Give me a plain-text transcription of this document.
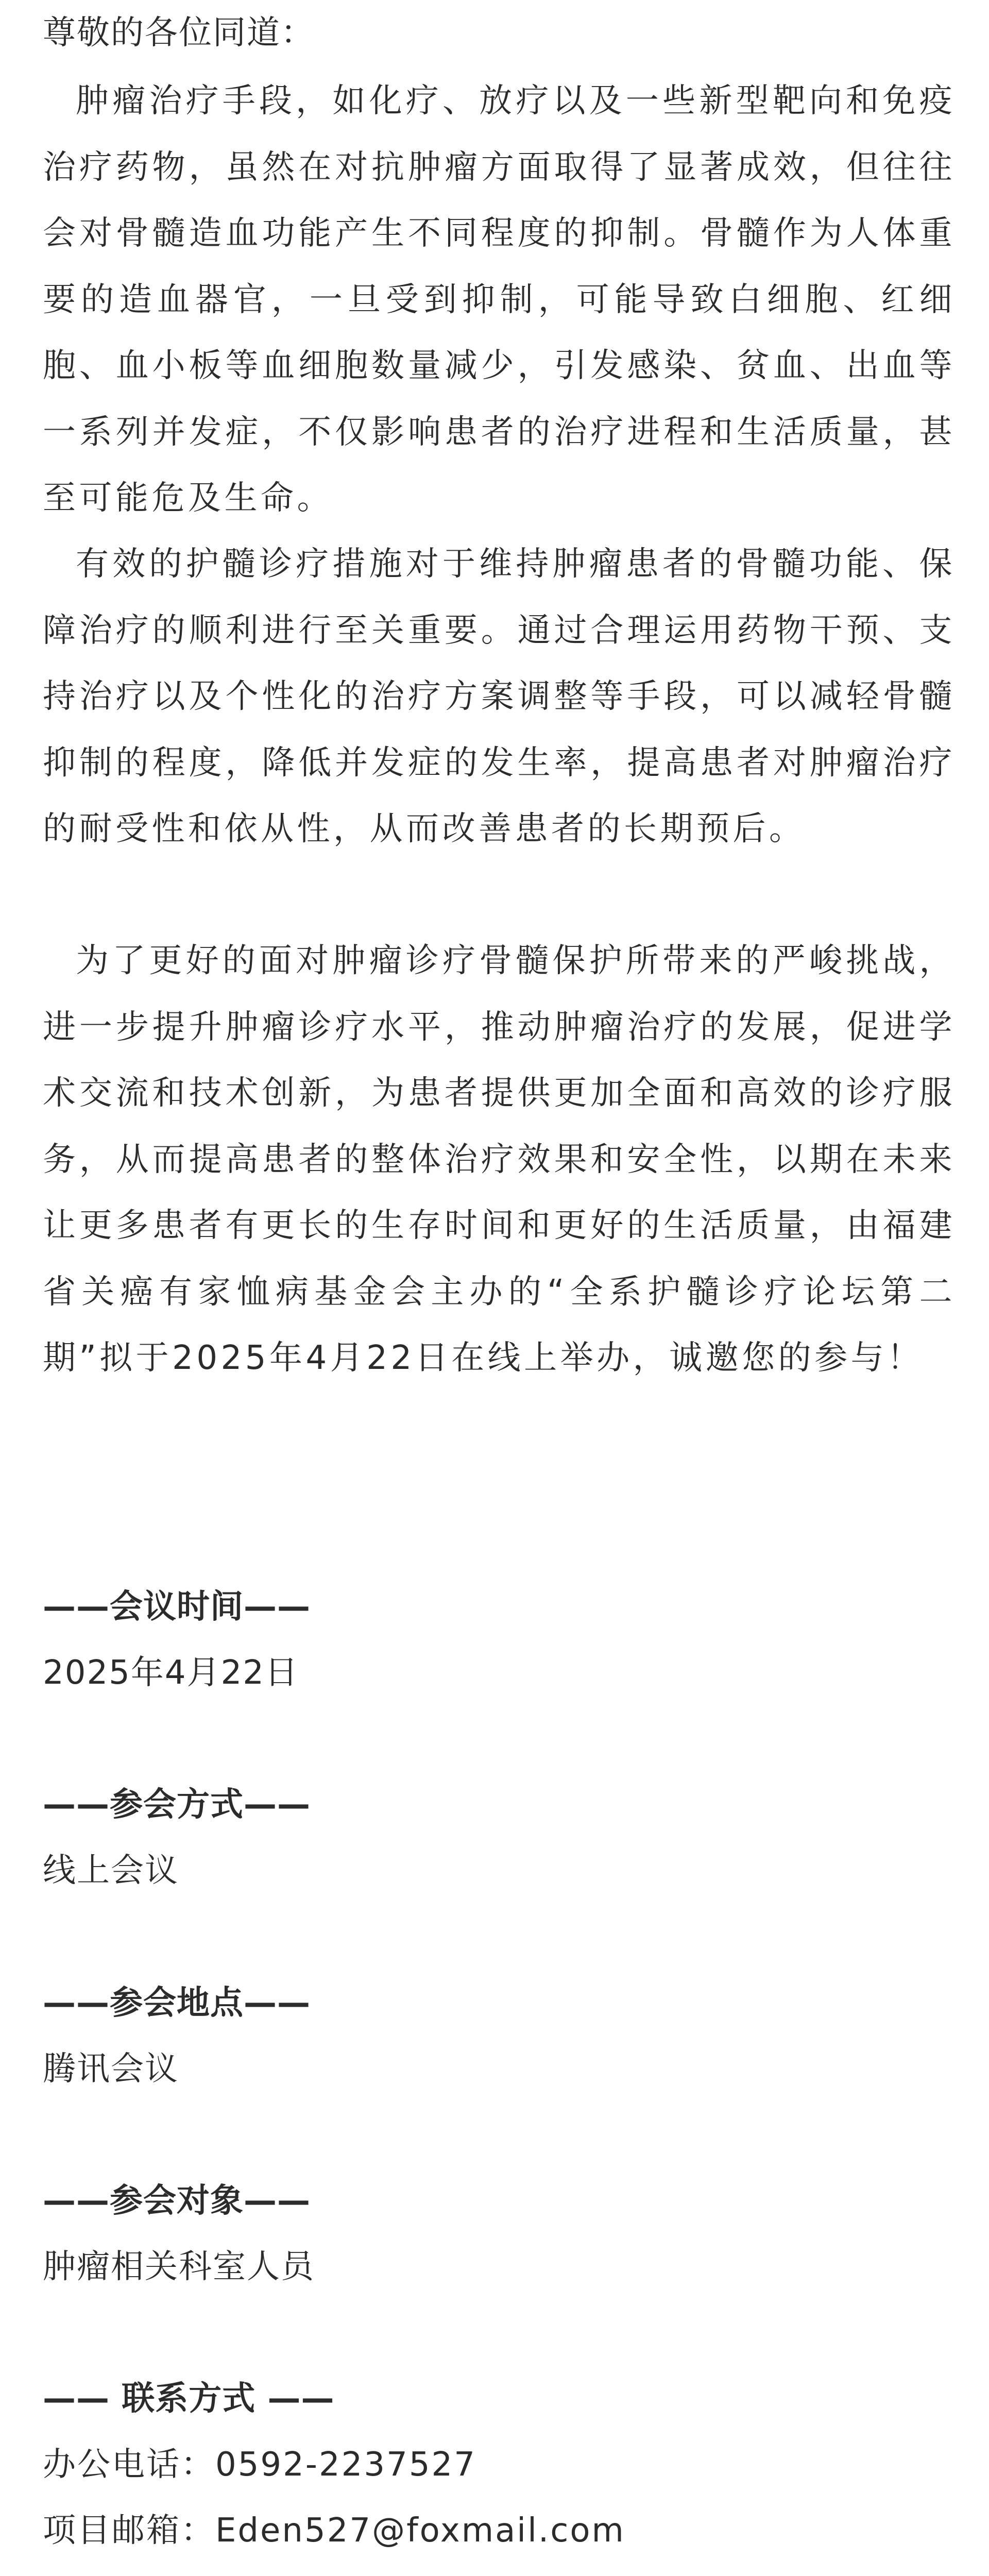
尊敬的各位同道：

肿瘤治疗手段，如化疗、放疗以及一些新型靶向和免疫治疗药物，虽然在对抗肿瘤方面取得了显著成效，但往往会对骨髓造血功能产生不同程度的抑制。骨髓作为人体重要的造血器官，一旦受到抑制，可能导致白细胞、红细胞、血小板等血细胞数量减少，引发感染、贫血、出血等一系列并发症，不仅影响患者的治疗进程和生活质量，甚至可能危及生命。

有效的护髓诊疗措施对于维持肿瘤患者的骨髓功能、保障治疗的顺利进行至关重要。通过合理运用药物干预、支持治疗以及个性化的治疗方案调整等手段，可以减轻骨髓抑制的程度，降低并发症的发生率，提高患者对肿瘤治疗的耐受性和依从性，从而改善患者的长期预后。

为了更好的面对肿瘤诊疗骨髓保护所带来的严峻挑战，进一步提升肿瘤诊疗水平，推动肿瘤治疗的发展，促进学术交流和技术创新，为患者提供更加全面和高效的诊疗服务，从而提高患者的整体治疗效果和安全性，以期在未来让更多患者有更长的生存时间和更好的生活质量，由福建省关癌有家恤病基金会主办的“全系护髓诊疗论坛第二期”拟于2025年4月22日在线上举办，诚邀您的参与！

——会议时间——

2025年4月22日

——参会方式——

线上会议

——参会地点——

腾讯会议

——参会对象——

肿瘤相关科室人员

—— 联系方式 ——

办公电话：0592-2237527

项目邮箱：Eden527@foxmail.com
